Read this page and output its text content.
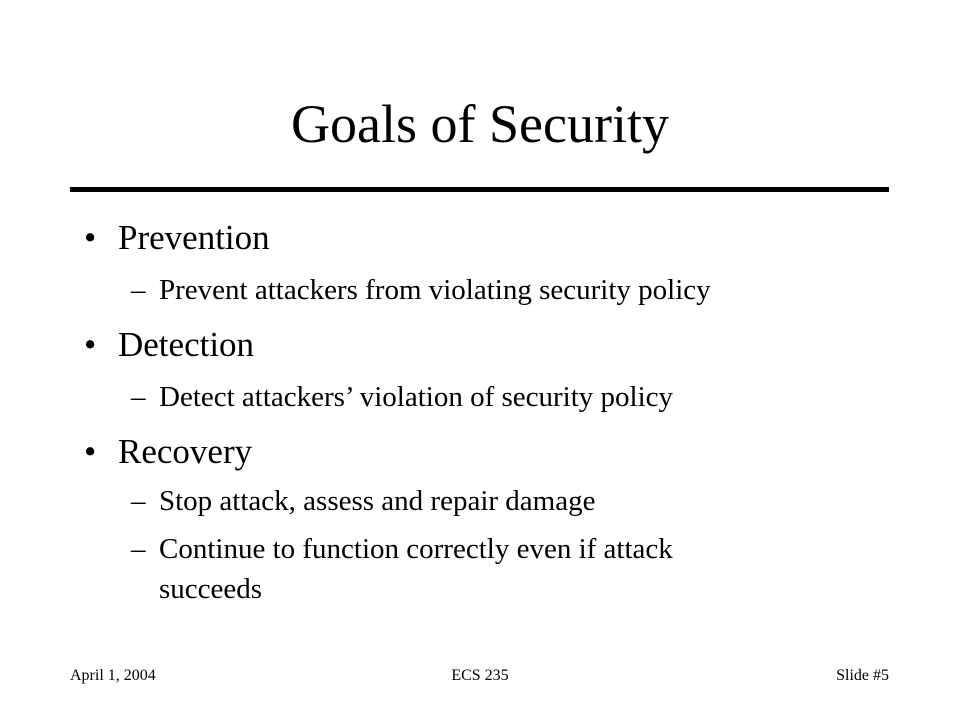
Goals of Security
• Prevention
– Prevent attackers from violating security policy
• Detection
– Detect attackers’ violation of security policy
• Recovery
– Stop attack, assess and repair damage
– Continue to function correctly even if attack
succeeds
April 1, 2004	ECS 235	Slide #5
